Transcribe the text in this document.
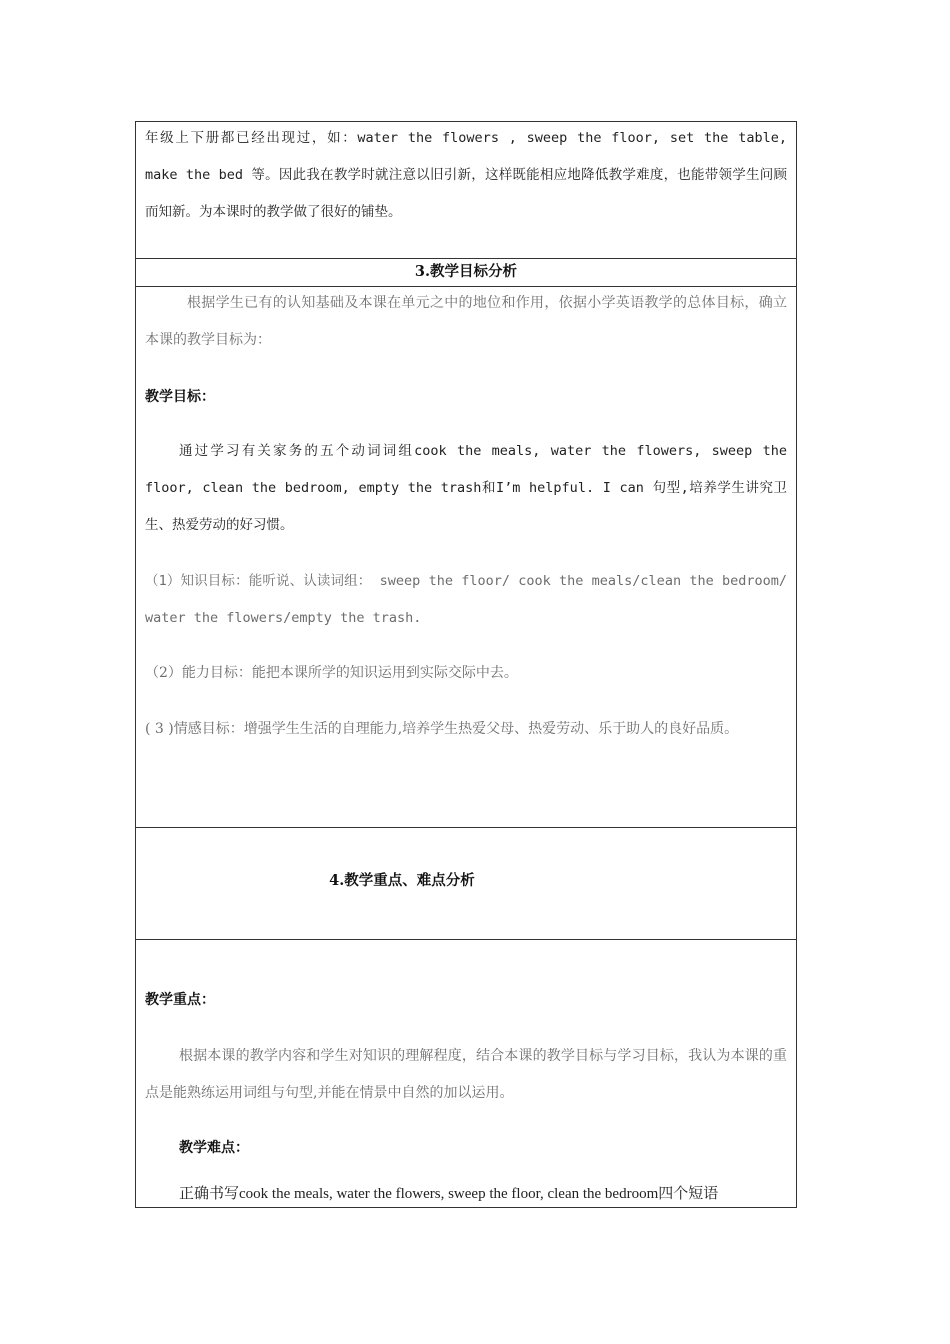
年级上下册都已经出现过，如：water the flowers , sweep the floor, set the table, make the bed 等。因此我在教学时就注意以旧引新，这样既能相应地降低教学难度，也能带领学生问顾而知新。为本课时的教学做了很好的铺垫。

3.教学目标分析

根据学生已有的认知基础及本课在单元之中的地位和作用，依据小学英语教学的总体目标，确立本课的教学目标为：

教学目标：

通过学习有关家务的五个动词词组cook the meals, water the flowers, sweep the floor, clean the bedroom, empty the trash和I’m helpful. I can 句型,培养学生讲究卫生、热爱劳动的好习惯。

（1）知识目标：能听说、认读词组： sweep the floor/ cook the meals/clean the bedroom/ water the flowers/empty the trash.

（2）能力目标：能把本课所学的知识运用到实际交际中去。

( 3 )情感目标：增强学生生活的自理能力,培养学生热爱父母、热爱劳动、乐于助人的良好品质。

4.教学重点、难点分析

教学重点：

根据本课的教学内容和学生对知识的理解程度，结合本课的教学目标与学习目标，我认为本课的重点是能熟练运用词组与句型,并能在情景中自然的加以运用。

教学难点：

正确书写cook the meals, water the flowers, sweep the floor, clean the bedroom四个短语
